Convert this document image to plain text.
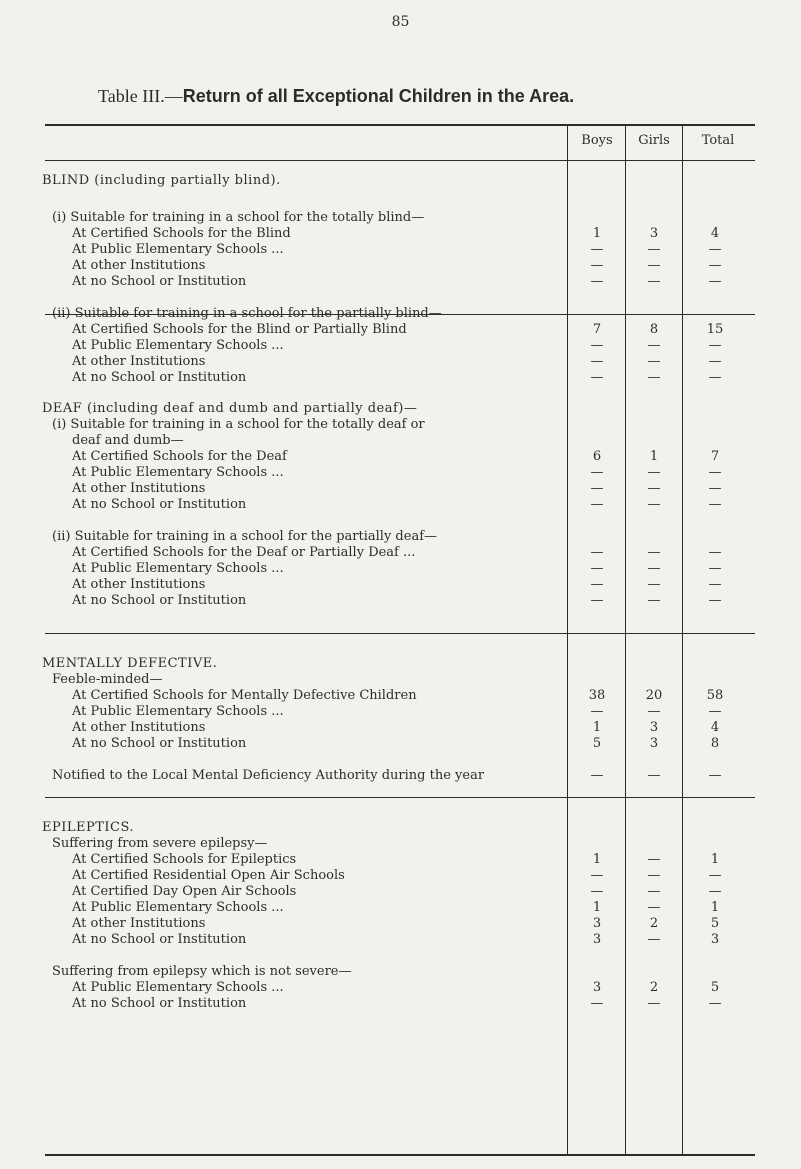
85
Table III.—Return of all Exceptional Children in the Area.
Boys	Girls	Total
BLIND (including partially blind).
(i) Suitable for training in a school for the totally blind—
At Certified Schools for the Blind	1	3	4
At Public Elementary Schools ...	—	—	—
At other Institutions	—	—	—
At no School or Institution	—	—	—
(ii) Suitable for training in a school for the partially blind—
At Certified Schools for the Blind or Partially Blind	7	8	15
At Public Elementary Schools ...	—	—	—
At other Institutions	—	—	—
At no School or Institution	—	—	—
DEAF (including deaf and dumb and partially deaf)—
(i) Suitable for training in a school for the totally deaf or
deaf and dumb—
At Certified Schools for the Deaf	6	1	7
At Public Elementary Schools ...	—	—	—
At other Institutions	—	—	—
At no School or Institution	—	—	—
(ii) Suitable for training in a school for the partially deaf—
At Certified Schools for the Deaf or Partially Deaf ...	—	—	—
At Public Elementary Schools ...	—	—	—
At other Institutions	—	—	—
At no School or Institution	—	—	—
MENTALLY DEFECTIVE.
Feeble-minded—
At Certified Schools for Mentally Defective Children	38	20	58
At Public Elementary Schools ...	—	—	—
At other Institutions	1	3	4
At no School or Institution	5	3	8
Notified to the Local Mental Deficiency Authority during the year	—	—	—
EPILEPTICS.
Suffering from severe epilepsy—
At Certified Schools for Epileptics	1	—	1
At Certified Residential Open Air Schools	—	—	—
At Certified Day Open Air Schools	—	—	—
At Public Elementary Schools ...	1	—	1
At other Institutions	3	2	5
At no School or Institution	3	—	3
Suffering from epilepsy which is not severe—
At Public Elementary Schools ...	3	2	5
At no School or Institution	—	—	—
